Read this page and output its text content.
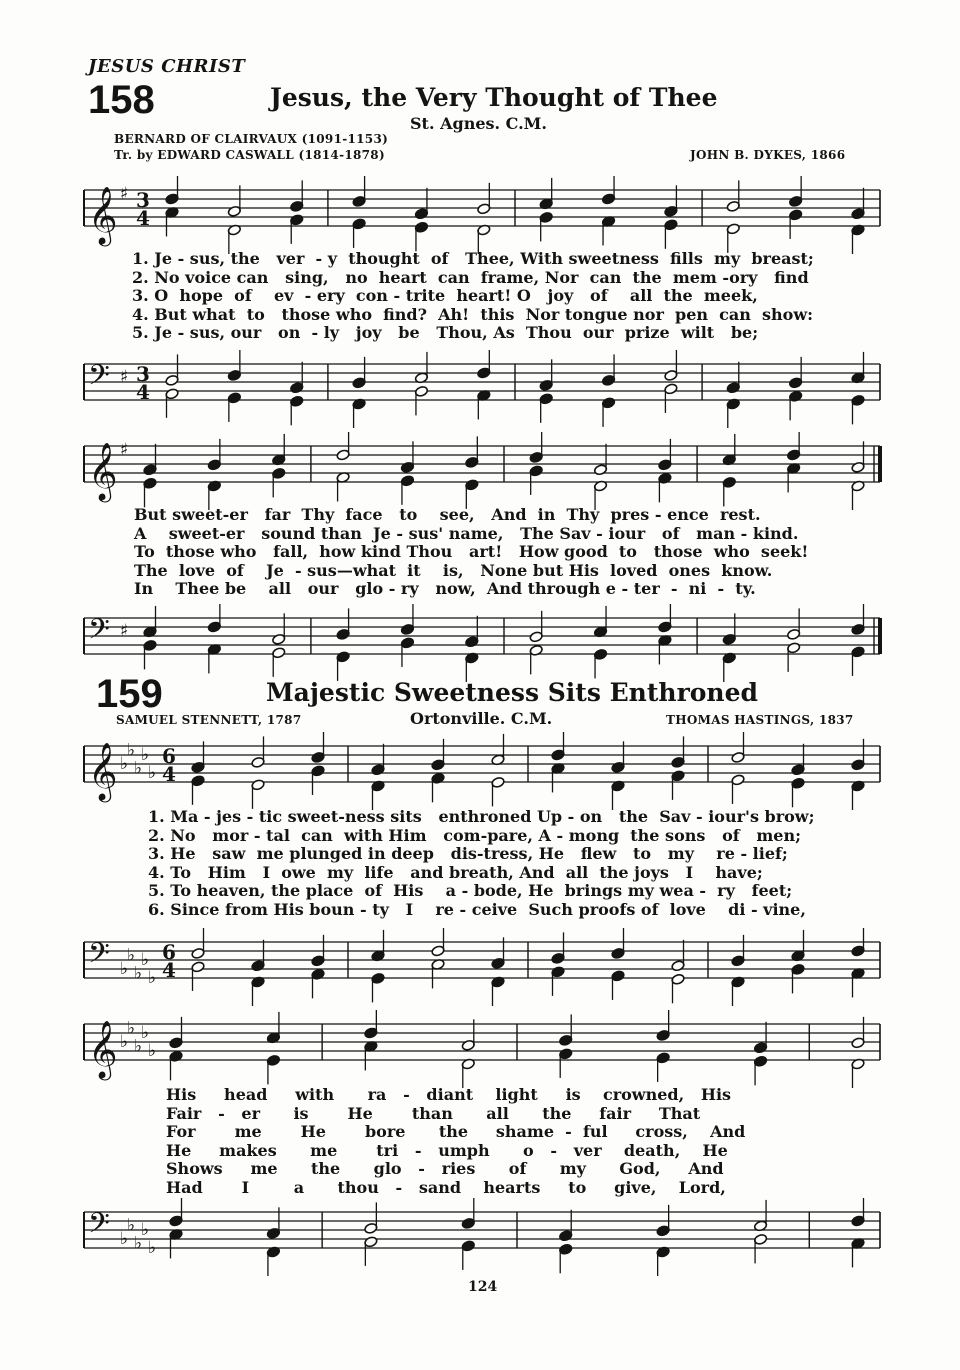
JESUS CHRIST
158	Jesus, the Very Thought of Thee
St. Agnes. C.M.
BERNARD OF CLAIRVAUX (1091-1153)
Tr. by EDWARD CASWALL (1814-1878)	JOHN B. DYKES, 1866
𝄞 ♯ 3
4
1. Je - sus, the   ver  - y  thought  of   Thee, With sweetness  fills  my  breast;
2. No voice can   sing,   no  heart  can  frame, Nor  can  the  mem -ory   find
3. O  hope  of    ev  - ery  con - trite  heart! O   joy   of    all  the  meek,
4. But what  to   those who  find?  Ah!  this  Nor tongue nor  pen  can  show:
5. Je - sus, our   on  - ly   joy   be   Thou, As  Thou  our  prize  wilt   be;
𝄢 ♯ 3
4
𝄞 ♯
But sweet-er   far  Thy  face   to    see,   And  in  Thy  pres - ence  rest.
A    sweet-er   sound than  Je - sus' name,   The Sav - iour   of   man - kind.
To  those who   fall,  how kind Thou   art!   How good  to   those  who  seek!
The  love  of    Je  - sus—what  it    is,   None but His  loved  ones  know.
In    Thee be    all   our   glo - ry   now,  And through e - ter  -  ni  -  ty.
𝄢 ♯
159	Majestic Sweetness Sits Enthroned
SAMUEL STENNETT, 1787	Ortonville. C.M.	THOMAS HASTINGS, 1837
𝄞 ♭
♭
♭
♭
♭
6
4
1. Ma - jes - tic sweet-ness sits   enthroned Up - on   the  Sav - iour's brow;
2. No   mor - tal  can  with Him   com-pare, A - mong  the sons   of   men;
3. He   saw  me plunged in deep   dis-tress, He   flew   to   my    re - lief;
4. To   Him   I  owe  my  life   and breath, And  all  the joys   I    have;
5. To heaven, the place  of  His    a - bode, He  brings my wea -  ry   feet;
6. Since from His boun - ty   I    re - ceive  Such proofs of  love    di - vine,
𝄢 ♭
♭
♭
♭
♭
6
4
𝄞 ♭
♭
♭
♭
♭
His     head     with      ra   -   diant    light     is    crowned,   His
Fair   -   er      is       He       than      all      the     fair     That
For       me       He       bore      the     shame  -  ful     cross,    And
He     makes      me       tri   -   umph      o   -   ver    death,    He
Shows     me      the      glo   -   ries      of      my      God,     And
Had       I        a      thou   -   sand    hearts     to     give,    Lord,
𝄢 ♭
♭
♭
♭
♭
124
